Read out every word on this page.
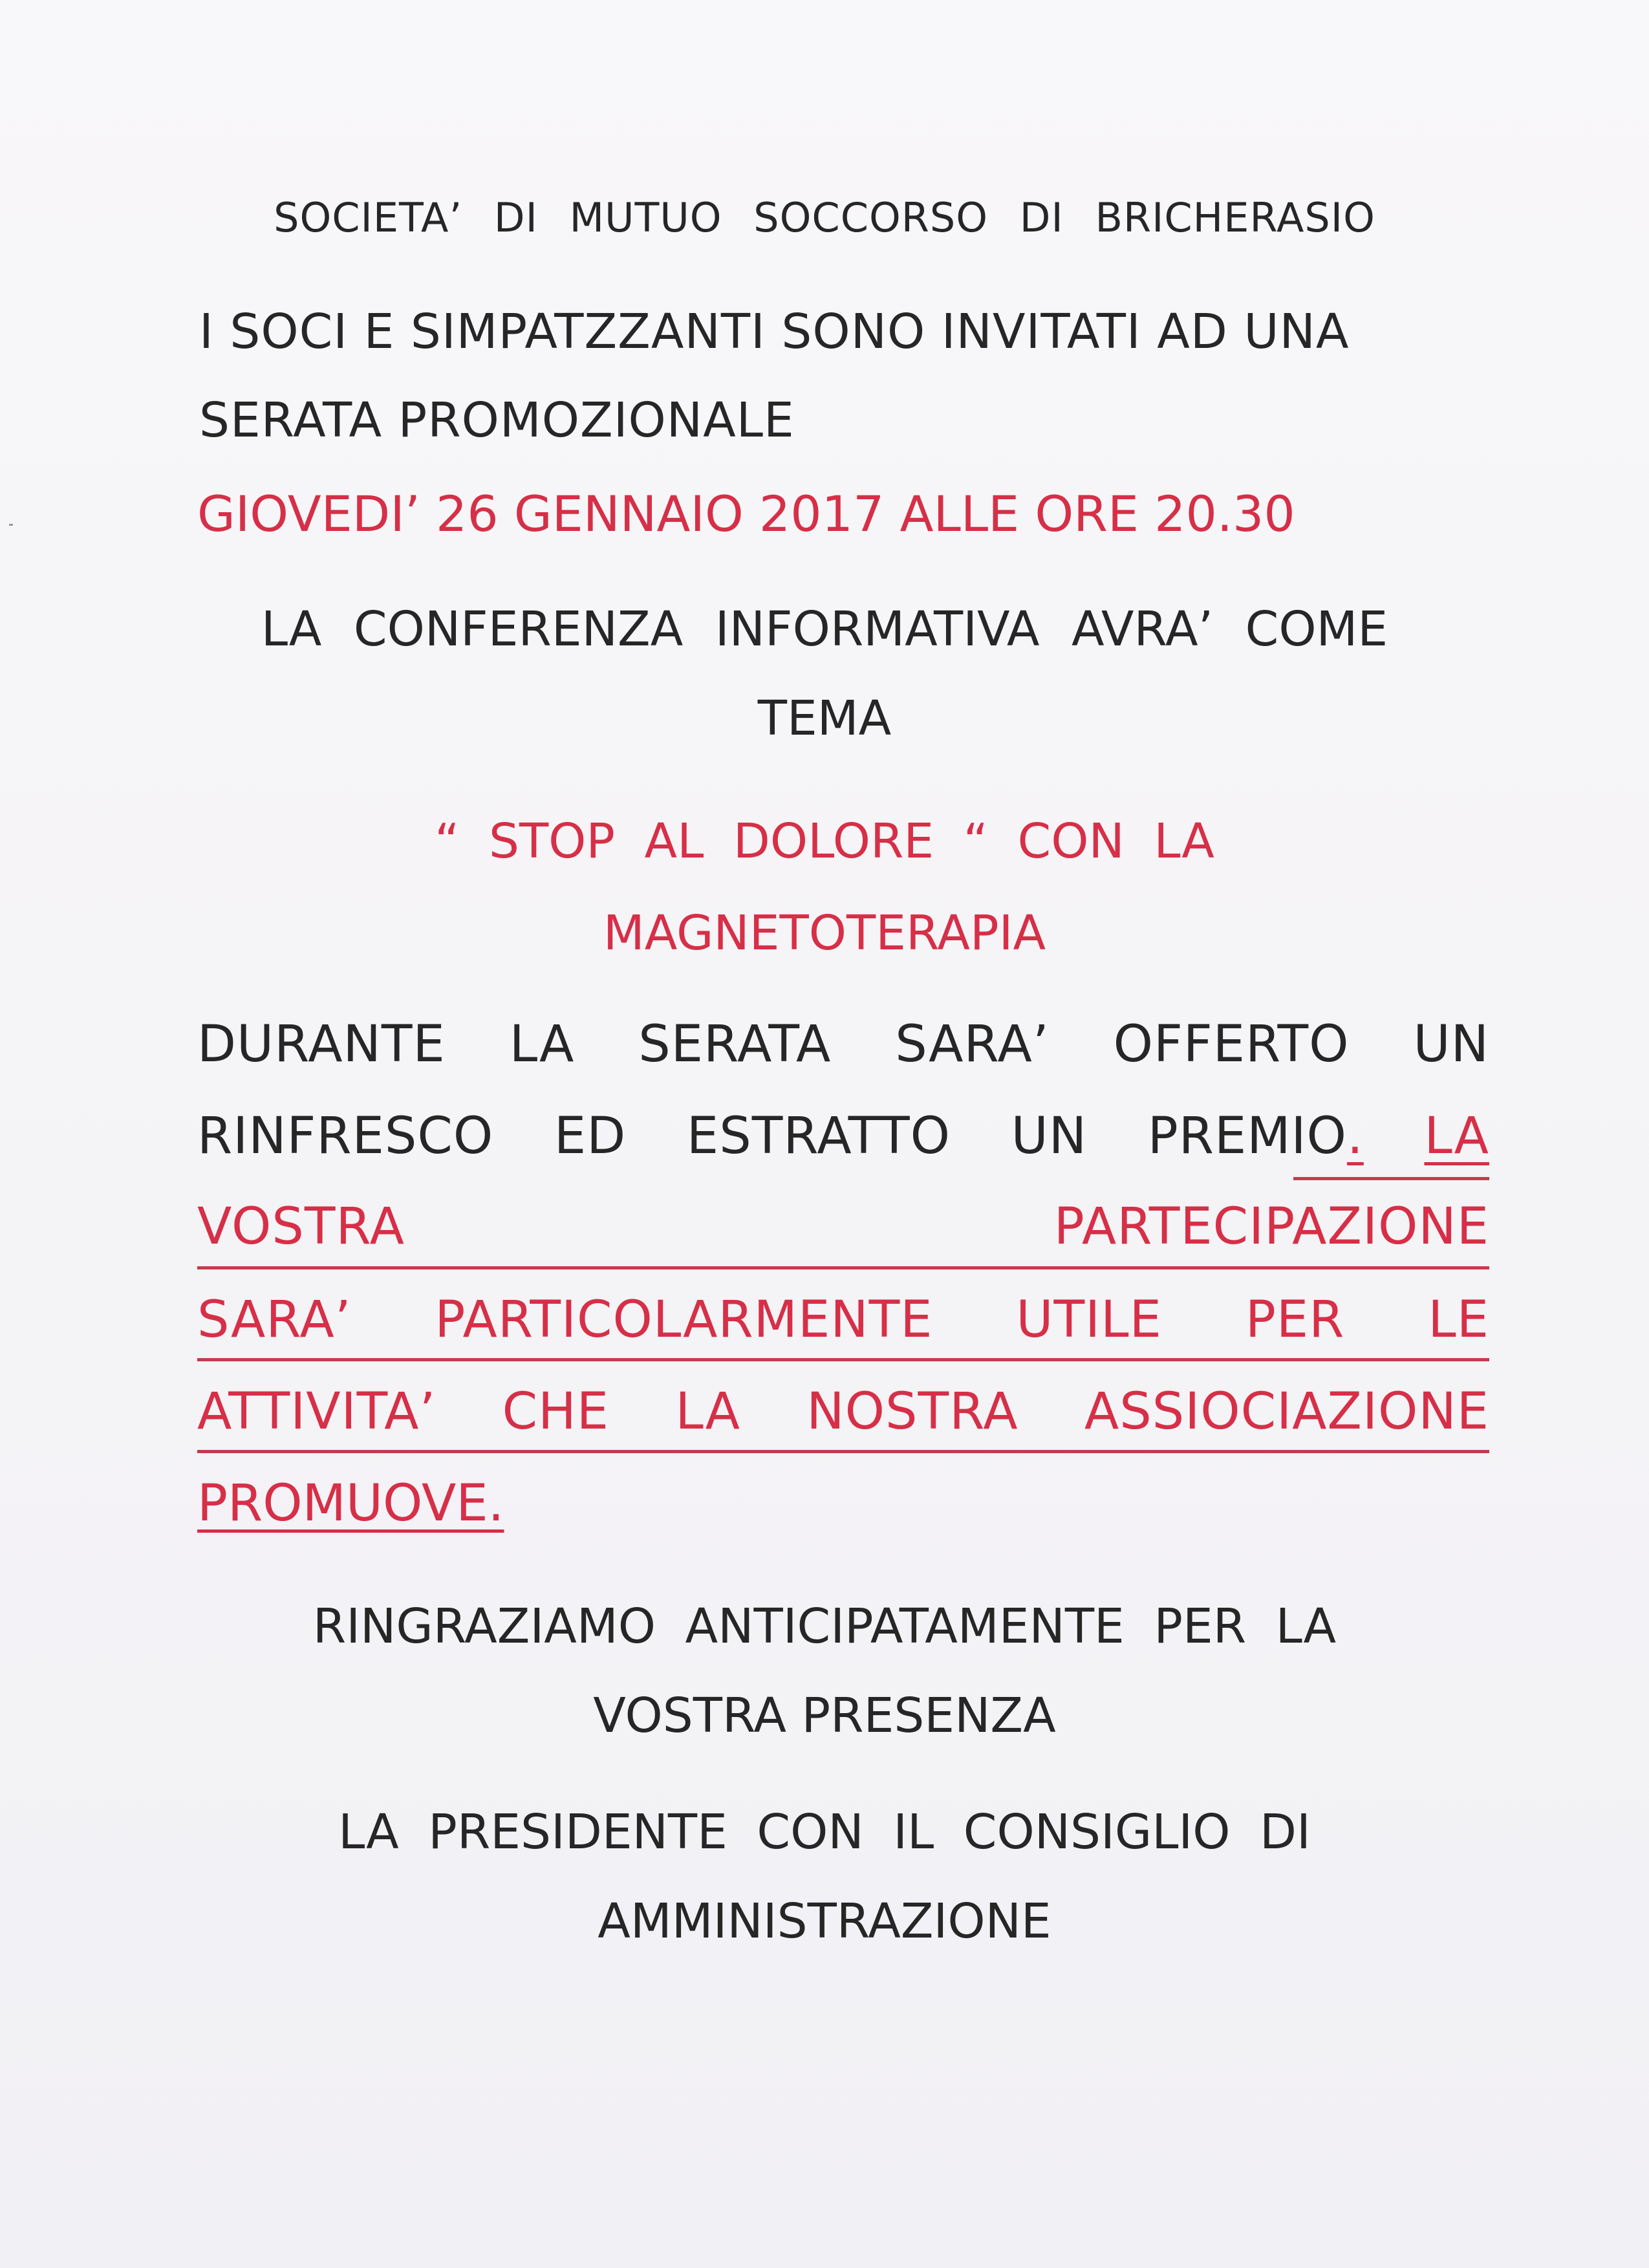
SOCIETA’ DI MUTUO SOCCORSO DI BRICHERASIO

I SOCI E SIMPATZZANTI SONO INVITATI AD UNA

SERATA PROMOZIONALE

GIOVEDI’ 26 GENNAIO 2017 ALLE ORE 20.30

LA CONFERENZA INFORMATIVA AVRA’ COME

TEMA

“ STOP AL DOLORE “ CON LA

MAGNETOTERAPIA

DURANTE LA SERATA SARA’ OFFERTO UN
RINFRESCO ED ESTRATTO UN PREMIO. LA
VOSTRA	PARTECIPAZIONE
SARA’ PARTICOLARMENTE UTILE PER LE
ATTIVITA’ CHE LA NOSTRA ASSIOCIAZIONE

PROMUOVE.

RINGRAZIAMO ANTICIPATAMENTE PER LA

VOSTRA PRESENZA

LA PRESIDENTE CON IL CONSIGLIO DI

AMMINISTRAZIONE
